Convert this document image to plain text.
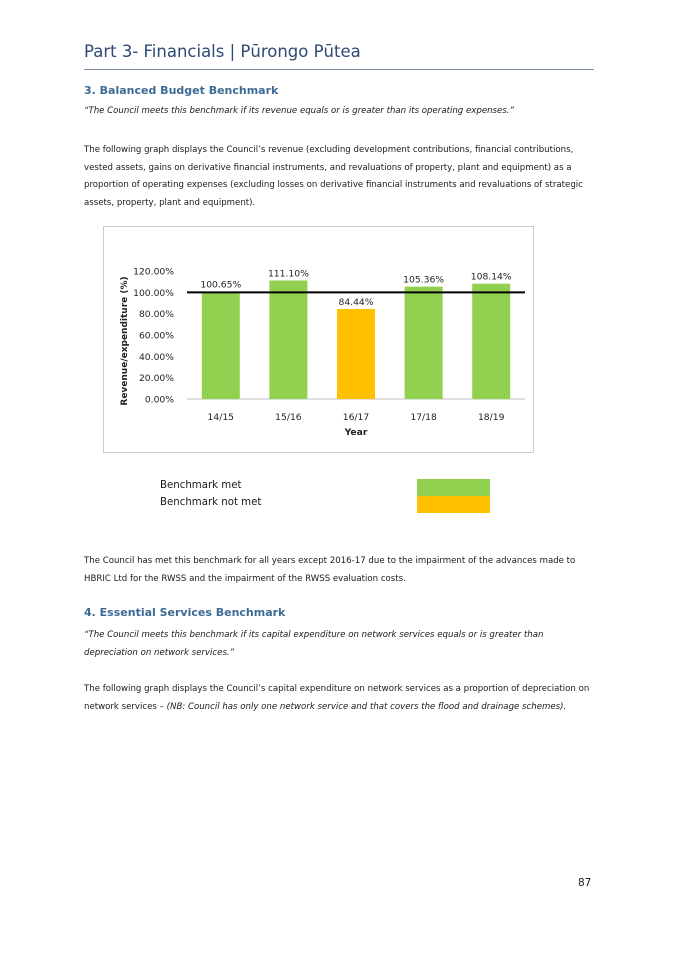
Part 3- Financials | Pūrongo Pūtea
3. Balanced Budget Benchmark
“The Council meets this benchmark if its revenue equals or is greater than its operating expenses.”
The following graph displays the Council’s revenue (excluding development contributions, financial contributions, vested assets, gains on derivative financial instruments, and revaluations of property, plant and equipment) as a proportion of operating expenses (excluding losses on derivative financial instruments and revaluations of strategic assets, property, plant and equipment).
0.00%
20.00%
40.00%
60.00%
80.00%
100.00%
120.00%
100.65%
14/15
111.10%
15/16
84.44%
16/17
105.36%
17/18
108.14%
18/19
Year
Revenue/expenditure (%)
Benchmark met
Benchmark not met
The Council has met this benchmark for all years except 2016-17 due to the impairment of the advances made to HBRIC Ltd for the RWSS and the impairment of the RWSS evaluation costs.
4. Essential Services Benchmark
“The Council meets this benchmark if its capital expenditure on network services equals or is greater than depreciation on network services.”
The following graph displays the Council’s capital expenditure on network services as a proportion of depreciation on network services – (NB: Council has only one network service and that covers the flood and drainage schemes).
87
